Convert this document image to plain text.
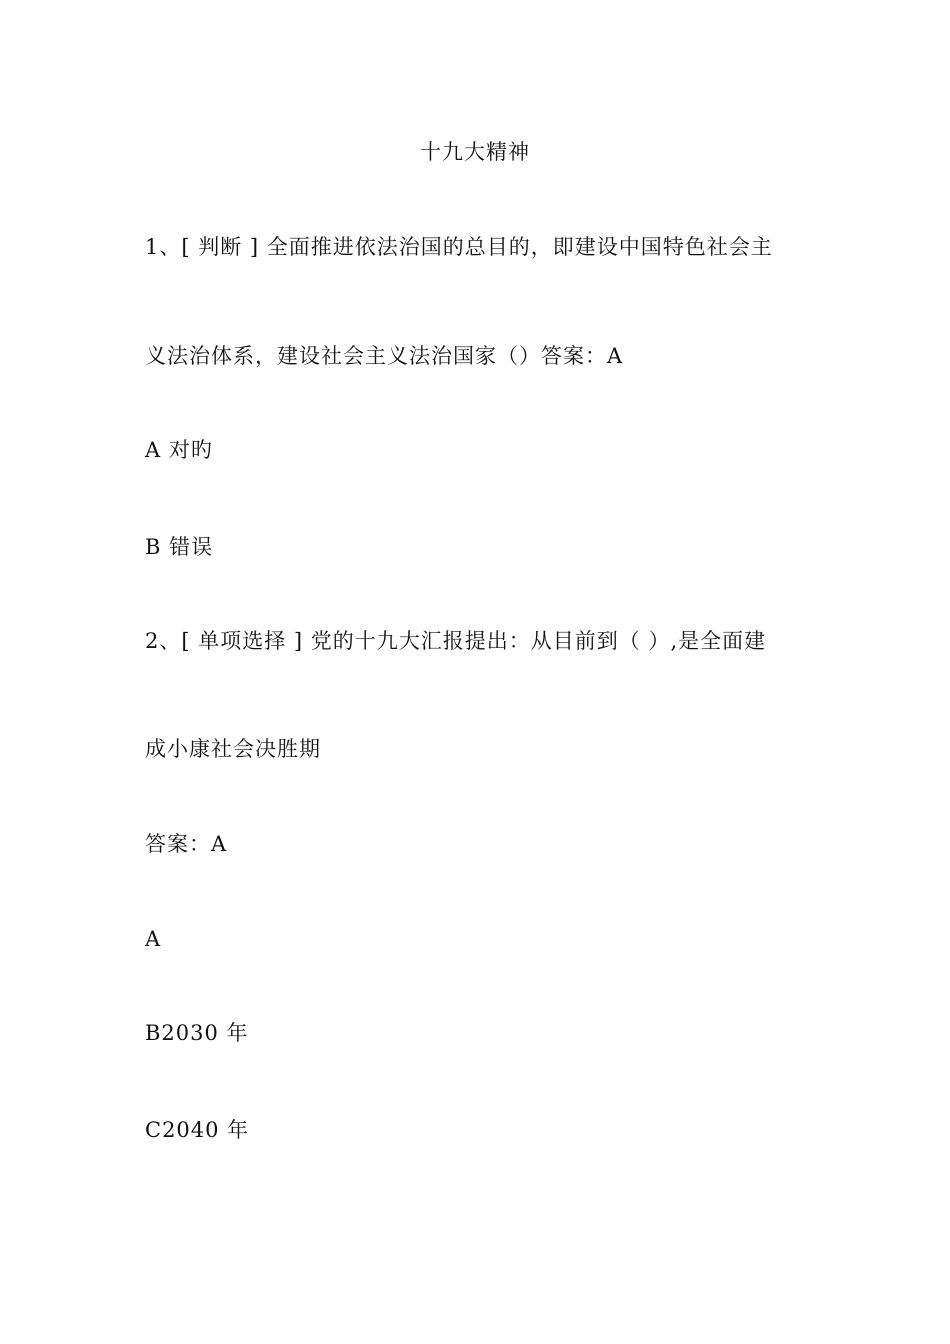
十九大精神
1、[ 判断 ] 全面推进依法治国的总目的，即建设中国特色社会主
义法治体系，建设社会主义法治国家（）答案：A
A 对旳
B 错误
2、[ 单项选择 ] 党的十九大汇报提出：从目前到（ ）,是全面建
成小康社会决胜期
答案：A
A
B2030 年
C2040 年
